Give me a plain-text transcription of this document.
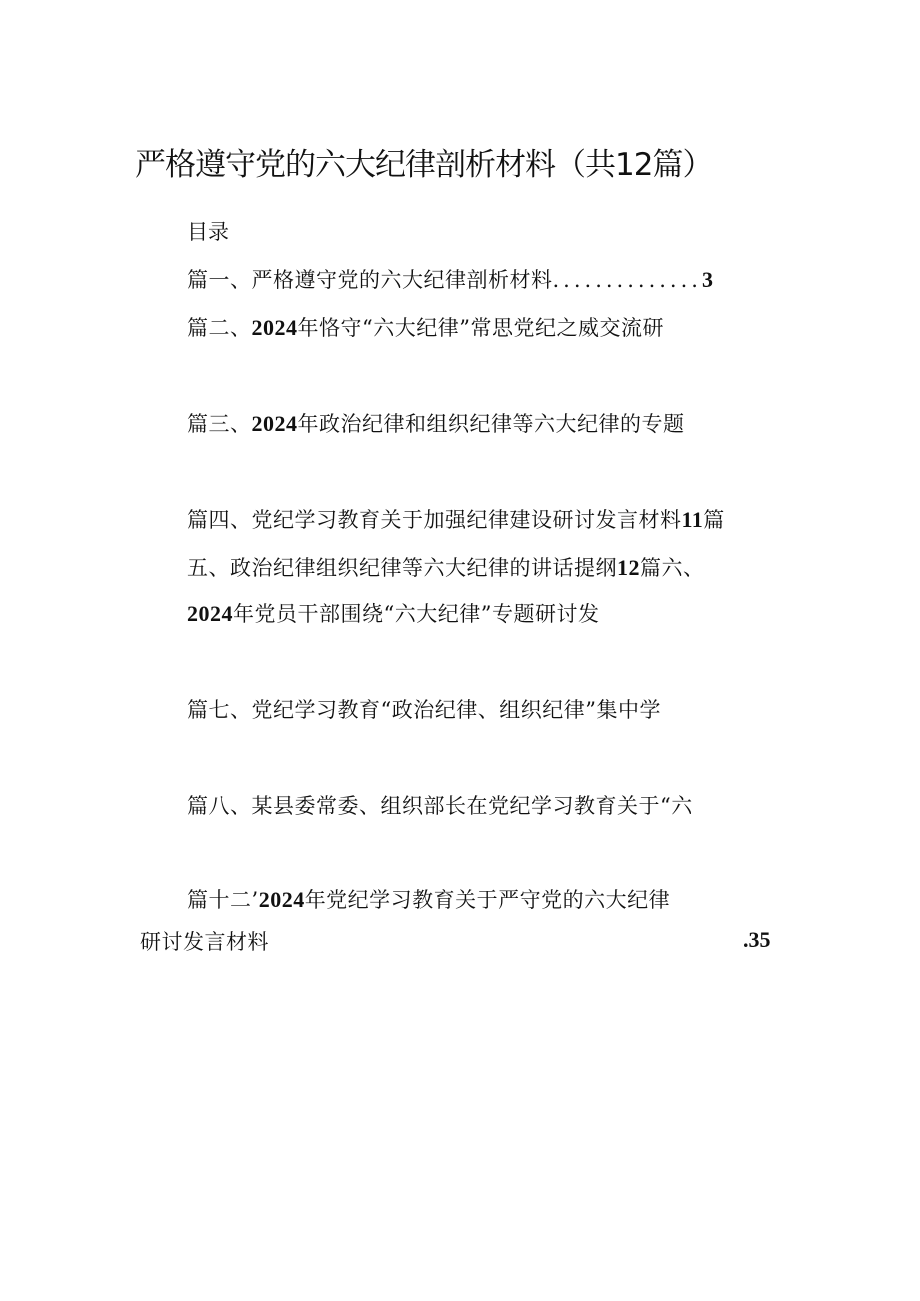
严格遵守党的六大纪律剖析材料（共12篇）
目录
篇一、严格遵守党的六大纪律剖析材料..............3
篇二、2024年恪守“六大纪律”常思党纪之威交流研
篇三、2024年政治纪律和组织纪律等六大纪律的专题
篇四、党纪学习教育关于加强纪律建设研讨发言材料11篇
五、政治纪律组织纪律等六大纪律的讲话提纲12篇六、
2024年党员干部围绕“六大纪律”专题研讨发
篇七、党纪学习教育“政治纪律、组织纪律”集中学
篇八、某县委常委、组织部长在党纪学习教育关于“六
篇十二’2024年党纪学习教育关于严守党的六大纪律
研讨发言材料	.35
